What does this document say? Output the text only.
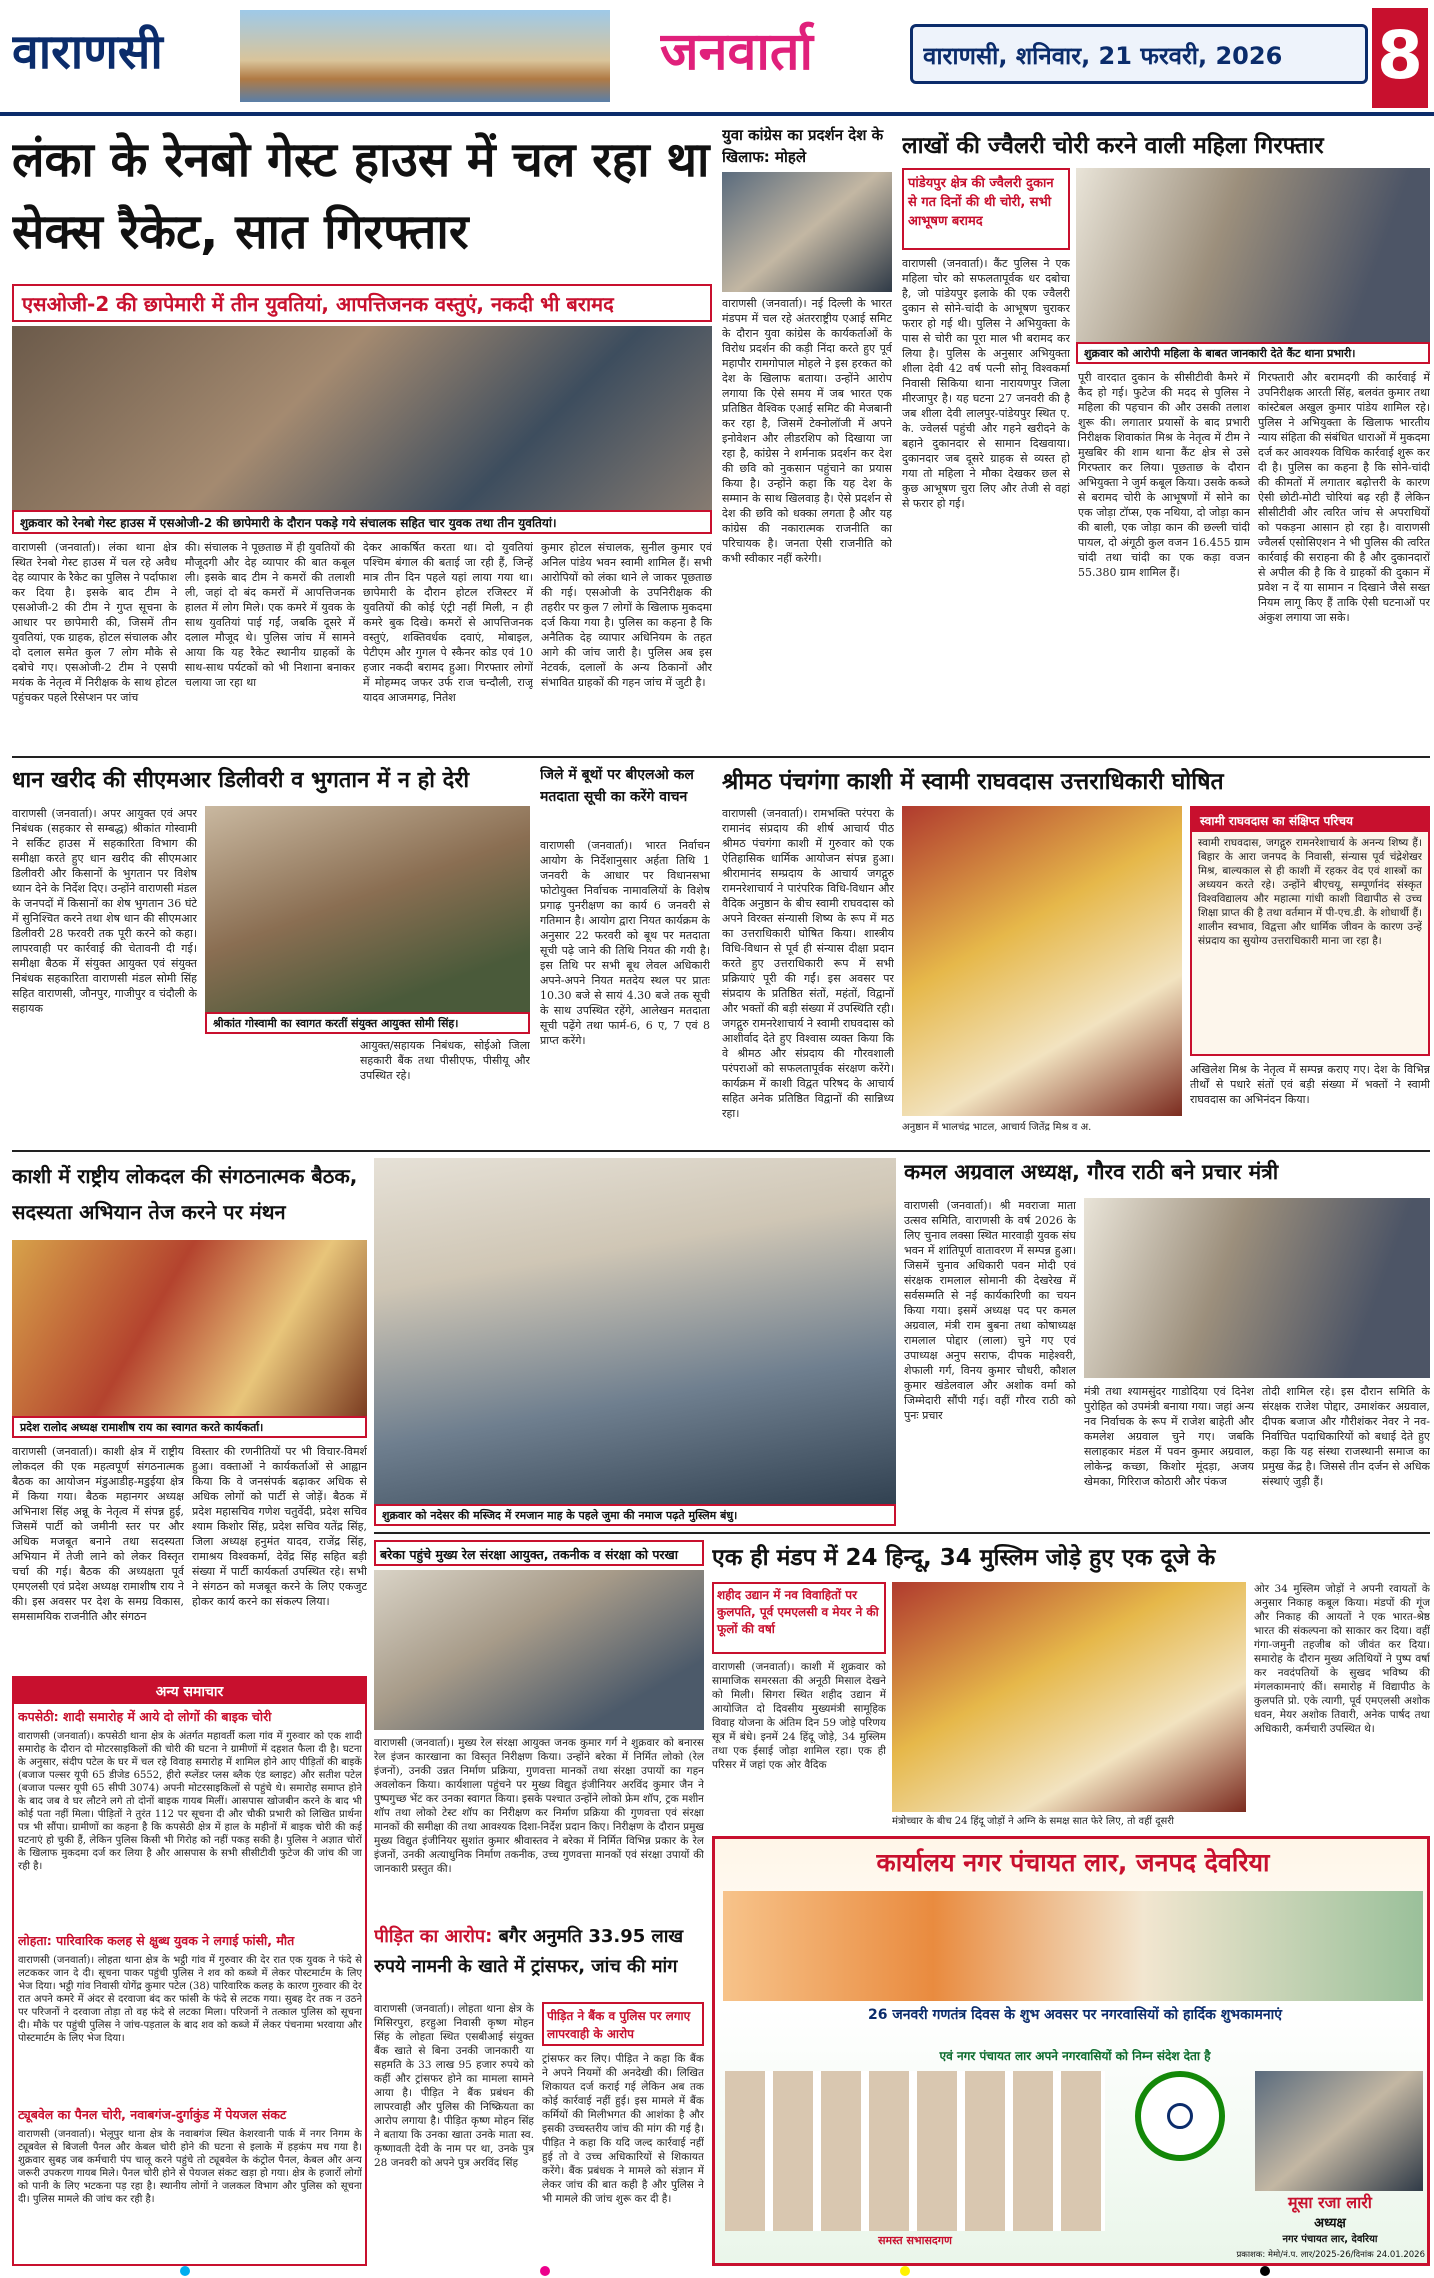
वाराणसी	जनवार्ता	वाराणसी, शनिवार, 21 फरवरी, 2026	8
लंका के रेनबो गेस्ट हाउस में चल रहा था सेक्स रैकेट, सात गिरफ्तार
एसओजी-2 की छापेमारी में तीन युवतियां, आपत्तिजनक वस्तुएं, नकदी भी बरामद
शुक्रवार को रेनबो गेस्ट हाउस में एसओजी-2 की छापेमारी के दौरान पकड़े गये संचालक सहित चार युवक तथा तीन युवतियां।
वाराणसी (जनवार्ता)। लंका थाना क्षेत्र स्थित रेनबो गेस्ट हाउस में चल रहे अवैध देह व्यापार के रैकेट का पुलिस ने पर्दाफाश कर दिया है। इसके बाद टीम ने एसओजी-2 की टीम ने गुप्त सूचना के आधार पर छापेमारी की, जिसमें तीन युवतियां, एक ग्राहक, होटल संचालक और दो दलाल समेत कुल 7 लोग मौके से दबोचे गए। एसओजी-2 टीम ने एसपी मयंक के नेतृत्व में निरीक्षक के साथ होटल पहुंचकर पहले रिसेप्शन पर जांच
की। संचालक ने पूछताछ में ही युवतियों की मौजूदगी और देह व्यापार की बात कबूल ली। इसके बाद टीम ने कमरों की तलाशी ली, जहां दो बंद कमरों में आपत्तिजनक हालत में लोग मिले। एक कमरे में युवक के साथ युवतियां पाई गईं, जबकि दूसरे में दलाल मौजूद थे। पुलिस जांच में सामने आया कि यह रैकेट स्थानीय ग्राहकों के साथ-साथ पर्यटकों को भी निशाना बनाकर चलाया जा रहा था
देकर आकर्षित करता था। दो युवतियां पश्चिम बंगाल की बताई जा रही हैं, जिन्हें मात्र तीन दिन पहले यहां लाया गया था। छापेमारी के दौरान होटल रजिस्टर में युवतियों की कोई एंट्री नहीं मिली, न ही कमरे बुक दिखे। कमरों से आपत्तिजनक वस्तुएं, शक्तिवर्धक दवाएं, मोबाइल, पेटीएम और गुगल पे स्कैनर कोड एवं 10 हजार नकदी बरामद हुआ। गिरफ्तार लोगों में मोहम्मद जफर उर्फ राज चन्दौली, राजू यादव आजमगढ़, नितेश
कुमार होटल संचालक, सुनील कुमार एवं अनिल पांडेय भवन स्वामी शामिल हैं। सभी आरोपियों को लंका थाने ले जाकर पूछताछ की गई। एसओजी के उपनिरीक्षक की तहरीर पर कुल 7 लोगों के खिलाफ मुकदमा दर्ज किया गया है। पुलिस का कहना है कि अनैतिक देह व्यापार अधिनियम के तहत आगे की जांच जारी है। पुलिस अब इस नेटवर्क, दलालों के अन्य ठिकानों और संभावित ग्राहकों की गहन जांच में जुटी है।
युवा कांग्रेस का प्रदर्शन देश के खिलाफ: मोहले
वाराणसी (जनवार्ता)। नई दिल्ली के भारत मंडपम में चल रहे अंतरराष्ट्रीय एआई समिट के दौरान युवा कांग्रेस के कार्यकर्ताओं के विरोध प्रदर्शन की कड़ी निंदा करते हुए पूर्व महापौर रामगोपाल मोहले ने इस हरकत को देश के खिलाफ बताया। उन्होंने आरोप लगाया कि ऐसे समय में जब भारत एक प्रतिष्ठित वैश्विक एआई समिट की मेजबानी कर रहा है, जिसमें टेक्नोलॉजी में अपने इनोवेशन और लीडरशिप को दिखाया जा रहा है, कांग्रेस ने शर्मनाक प्रदर्शन कर देश की छवि को नुकसान पहुंचाने का प्रयास किया है। उन्होंने कहा कि यह देश के सम्मान के साथ खिलवाड़ है। ऐसे प्रदर्शन से देश की छवि को धक्का लगता है और यह कांग्रेस की नकारात्मक राजनीति का परिचायक है। जनता ऐसी राजनीति को कभी स्वीकार नहीं करेगी।
लाखों की ज्वैलरी चोरी करने वाली महिला गिरफ्तार
पांडेयपुर क्षेत्र की ज्वैलरी दुकान से गत दिनों की थी चोरी, सभी आभूषण बरामद
शुक्रवार को आरोपी महिला के बाबत जानकारी देते कैंट थाना प्रभारी।
वाराणसी (जनवार्ता)। कैंट पुलिस ने एक महिला चोर को सफलतापूर्वक धर दबोचा है, जो पांडेयपुर इलाके की एक ज्वैलरी दुकान से सोने-चांदी के आभूषण चुराकर फरार हो गई थी। पुलिस ने अभियुक्ता के पास से चोरी का पूरा माल भी बरामद कर लिया है। पुलिस के अनुसार अभियुक्ता शीला देवी 42 वर्ष पत्नी सोनू विश्वकर्मा निवासी सिकिया थाना नारायणपुर जिला मीरजापुर है। यह घटना 27 जनवरी की है जब शीला देवी लालपुर-पांडेयपुर स्थित ए. के. ज्वेलर्स पहुंची और गहने खरीदने के बहाने दुकानदार से सामान दिखवाया। दुकानदार जब दूसरे ग्राहक से व्यस्त हो गया तो महिला ने मौका देखकर छल से कुछ आभूषण चुरा लिए और तेजी से वहां से फरार हो गई।
पूरी वारदात दुकान के सीसीटीवी कैमरे में कैद हो गई। फुटेज की मदद से पुलिस ने महिला की पहचान की और उसकी तलाश शुरू की। लगातार प्रयासों के बाद प्रभारी निरीक्षक शिवाकांत मिश्र के नेतृत्व में टीम ने मुखबिर की शाम थाना कैंट क्षेत्र से उसे गिरफ्तार कर लिया। पूछताछ के दौरान अभियुक्ता ने जुर्म कबूल किया। उसके कब्जे से बरामद चोरी के आभूषणों में सोने का एक जोड़ा टॉप्स, एक नथिया, दो जोड़ा कान की बाली, एक जोड़ा कान की छल्ली चांदी पायल, दो अंगूठी कुल वजन 16.455 ग्राम चांदी तथा चांदी का एक कड़ा वजन 55.380 ग्राम शामिल हैं।
गिरफ्तारी और बरामदगी की कार्रवाई में उपनिरीक्षक आरती सिंह, बलवंत कुमार तथा कांस्टेबल अखुल कुमार पांडेय शामिल रहे। पुलिस ने अभियुक्ता के खिलाफ भारतीय न्याय संहिता की संबंधित धाराओं में मुकदमा दर्ज कर आवश्यक विधिक कार्रवाई शुरू कर दी है। पुलिस का कहना है कि सोने-चांदी की कीमतों में लगातार बढ़ोत्तरी के कारण ऐसी छोटी-मोटी चोरियां बढ़ रही हैं लेकिन सीसीटीवी और त्वरित जांच से अपराधियों को पकड़ना आसान हो रहा है। वाराणसी ज्वैलर्स एसोसिएशन ने भी पुलिस की त्वरित कार्रवाई की सराहना की है और दुकानदारों से अपील की है कि वे ग्राहकों की दुकान में प्रवेश न दें या सामान न दिखाने जैसे सख्त नियम लागू किए हैं ताकि ऐसी घटनाओं पर अंकुश लगाया जा सके।
धान खरीद की सीएमआर डिलीवरी व भुगतान में न हो देरी
वाराणसी (जनवार्ता)। अपर आयुक्त एवं अपर निबंधक (सहकार से सम्बद्ध) श्रीकांत गोस्वामी ने सर्किट हाउस में सहकारिता विभाग की समीक्षा करते हुए धान खरीद की सीएमआर डिलीवरी और किसानों के भुगतान पर विशेष ध्यान देने के निर्देश दिए। उन्होंने वाराणसी मंडल के जनपदों में किसानों का शेष भुगतान 36 घंटे में सुनिश्चित करने तथा शेष धान की सीएमआर डिलीवरी 28 फरवरी तक पूरी करने को कहा। लापरवाही पर कार्रवाई की चेतावनी दी गई। समीक्षा बैठक में संयुक्त आयुक्त एवं संयुक्त निबंधक सहकारिता वाराणसी मंडल सोमी सिंह सहित वाराणसी, जौनपुर, गाजीपुर व चंदौली के सहायक
श्रीकांत गोस्वामी का स्वागत करतीं संयुक्त आयुक्त सोमी सिंह।
आयुक्त/सहायक निबंधक, सोईओ जिला सहकारी बैंक तथा पीसीएफ, पीसीयू और उपस्थित रहे।
जिले में बूथों पर बीएलओ कल मतदाता सूची का करेंगे वाचन
वाराणसी (जनवार्ता)। भारत निर्वाचन आयोग के निर्देशानुसार अर्हता तिथि 1 जनवरी के आधार पर विधानसभा फोटोयुक्त निर्वाचक नामावलियों के विशेष प्रगाढ़ पुनरीक्षण का कार्य 6 जनवरी से गतिमान है। आयोग द्वारा नियत कार्यक्रम के अनुसार 22 फरवरी को बूथ पर मतदाता सूची पढ़े जाने की तिथि नियत की गयी है। इस तिथि पर सभी बूथ लेवल अधिकारी अपने-अपने नियत मतदेय स्थल पर प्रातः 10.30 बजे से सायं 4.30 बजे तक सूची के साथ उपस्थित रहेंगे, आलेखन मतदाता सूची पढ़ेंगे तथा फार्म-6, 6 ए, 7 एवं 8 प्राप्त करेंगे।
श्रीमठ पंचगंगा काशी में स्वामी राघवदास उत्तराधिकारी घोषित
वाराणसी (जनवार्ता)। रामभक्ति परंपरा के रामानंद संप्रदाय की शीर्ष आचार्य पीठ श्रीमठ पंचगंगा काशी में गुरुवार को एक ऐतिहासिक धार्मिक आयोजन संपन्न हुआ। श्रीरामानंद सम्प्रदाय के आचार्य जगद्गुरु रामनरेशाचार्य ने पारंपरिक विधि-विधान और वैदिक अनुष्ठान के बीच स्वामी राघवदास को अपने विरक्त संन्यासी शिष्य के रूप में मठ का उत्तराधिकारी घोषित किया। शास्त्रीय विधि-विधान से पूर्व ही संन्यास दीक्षा प्रदान करते हुए उत्तराधिकारी रूप में सभी प्रक्रियाएं पूरी की गईं। इस अवसर पर संप्रदाय के प्रतिष्ठित संतों, महंतों, विद्वानों और भक्तों की बड़ी संख्या में उपस्थिति रही। जगद्गुरु रामनरेशाचार्य ने स्वामी राघवदास को आशीर्वाद देते हुए विश्वास व्यक्त किया कि वे श्रीमठ और संप्रदाय की गौरवशाली परंपराओं को सफलतापूर्वक संरक्षण करेंगे। कार्यक्रम में काशी विद्वत परिषद के आचार्य सहित अनेक प्रतिष्ठित विद्वानों की सान्निध्य रहा।
अनुष्ठान में भालचंद्र भाटल, आचार्य जितेंद्र मिश्र व अ.
स्वामी राघवदास का संक्षिप्त परिचय
स्वामी राघवदास, जगद्गुरु रामनरेशाचार्य के अनन्य शिष्य हैं। बिहार के आरा जनपद के निवासी, संन्यास पूर्व चंद्रेशेखर मिश्र, बाल्यकाल से ही काशी में रहकर वेद एवं शास्त्रों का अध्ययन करते रहे। उन्होंने बीएचयू, सम्पूर्णानंद संस्कृत विश्वविद्यालय और महात्मा गांधी काशी विद्यापीठ से उच्च शिक्षा प्राप्त की है तथा वर्तमान में पी-एच.डी. के शोधार्थी हैं। शालीन स्वभाव, विद्वत्ता और धार्मिक जीवन के कारण उन्हें संप्रदाय का सुयोग्य उत्तराधिकारी माना जा रहा है।
अखिलेश मिश्र के नेतृत्व में सम्पन्न कराए गए। देश के विभिन्न तीर्थों से पधारे संतों एवं बड़ी संख्या में भक्तों ने स्वामी राघवदास का अभिनंदन किया।
काशी में राष्ट्रीय लोकदल की संगठनात्मक बैठक, सदस्यता अभियान तेज करने पर मंथन
प्रदेश रालोद अध्यक्ष रामाशीष राय का स्वागत करते कार्यकर्ता।
वाराणसी (जनवार्ता)। काशी क्षेत्र में राष्ट्रीय लोकदल की एक महत्वपूर्ण संगठनात्मक बैठक का आयोजन मंडुआडीह-मडुईया क्षेत्र में किया गया। बैठक महानगर अध्यक्ष अभिनाश सिंह अन्नू के नेतृत्व में संपन्न हुई, जिसमें पार्टी को जमीनी स्तर पर और अधिक मजबूत बनाने तथा सदस्यता अभियान में तेजी लाने को लेकर विस्तृत चर्चा की गई। बैठक की अध्यक्षता पूर्व एमएलसी एवं प्रदेश अध्यक्ष रामाशीष राय ने की। इस अवसर पर देश के समग्र विकास, समसामयिक राजनीति और संगठन
विस्तार की रणनीतियों पर भी विचार-विमर्श हुआ। वक्ताओं ने कार्यकर्ताओं से आह्वान किया कि वे जनसंपर्क बढ़ाकर अधिक से अधिक लोगों को पार्टी से जोड़ें। बैठक में प्रदेश महासचिव गणेश चतुर्वेदी, प्रदेश सचिव श्याम किशोर सिंह, प्रदेश सचिव यतेंद्र सिंह, जिला अध्यक्ष हनुमंत यादव, राजेंद्र सिंह, रामाश्रय विश्वकर्मा, देवेंद्र सिंह सहित बड़ी संख्या में पार्टी कार्यकर्ता उपस्थित रहे। सभी ने संगठन को मजबूत करने के लिए एकजुट होकर कार्य करने का संकल्प लिया।
शुक्रवार को नदेसर की मस्जिद में रमजान माह के पहले जुमा की नमाज पढ़ते मुस्लिम बंधु।
कमल अग्रवाल अध्यक्ष, गौरव राठी बने प्रचार मंत्री
वाराणसी (जनवार्ता)। श्री मवराजा माता उत्सव समिति, वाराणसी के वर्ष 2026 के लिए चुनाव लक्सा स्थित मारवाड़ी युवक संघ भवन में शांतिपूर्ण वातावरण में सम्पन्न हुआ। जिसमें चुनाव अधिकारी पवन मोदी एवं संरक्षक रामलाल सोमानी की देखरेख में सर्वसम्मति से नई कार्यकारिणी का चयन किया गया। इसमें अध्यक्ष पद पर कमल अग्रवाल, मंत्री राम बुबना तथा कोषाध्यक्ष रामलाल पोद्दार (लाला) चुने गए एवं उपाध्यक्ष अनुप सराफ, दीपक माहेश्वरी, शेफाली गर्ग, विनय कुमार चौधरी, कौशल कुमार खंडेलवाल और अशोक वर्मा को जिम्मेदारी सौंपी गई। वहीं गौरव राठी को पुनः प्रचार
मंत्री तथा श्यामसुंदर गाडोदिया एवं दिनेश पुरोहित को उपमंत्री बनाया गया। जहां अन्य नव निर्वाचक के रूप में राजेश बाहेती और कमलेश अग्रवाल चुने गए। जबकि सलाहकार मंडल में पवन कुमार अग्रवाल, लोकेन्द्र कच्छा, किशोर मूंदड़ा, अजय खेमका, गिरिराज कोठारी और पंकज
तोदी शामिल रहे। इस दौरान समिति के संरक्षक राजेश पोद्दार, उमाशंकर अग्रवाल, दीपक बजाज और गौरीशंकर नेवर ने नव-निर्वाचित पदाधिकारियों को बधाई देते हुए कहा कि यह संस्था राजस्थानी समाज का प्रमुख केंद्र है। जिससे तीन दर्जन से अधिक संस्थाएं जुड़ी हैं।
अन्य समाचार
कपसेठी: शादी समारोह में आये दो लोगों की बाइक चोरी
वाराणसी (जनवार्ता)। कपसेठी थाना क्षेत्र के अंतर्गत महावर्ती कला गांव में गुरुवार को एक शादी समारोह के दौरान दो मोटरसाइकिलों की चोरी की घटना ने ग्रामीणों में दहशत फैला दी है। घटना के अनुसार, संदीप पटेल के घर में चल रहे विवाह समारोह में शामिल होने आए पीड़ितों की बाइकें (बजाज पल्सर यूपी 65 डीजेड 6552, हीरो स्प्लेंडर प्लस ब्लैक एंड ब्लाइट) और सतीश पटेल (बजाज पल्सर यूपी 65 सीपी 3074) अपनी मोटरसाइकिलों से पहुंचे थे। समारोह समाप्त होने के बाद जब वे घर लौटने लगे तो दोनों बाइक गायब मिलीं। आसपास खोजबीन करने के बाद भी कोई पता नहीं मिला। पीड़ितों ने तुरंत 112 पर सूचना दी और चौकी प्रभारी को लिखित प्रार्थना पत्र भी सौंपा। ग्रामीणों का कहना है कि कपसेठी क्षेत्र में हाल के महीनों में बाइक चोरी की कई घटनाएं हो चुकी हैं, लेकिन पुलिस किसी भी गिरोह को नहीं पकड़ सकी है। पुलिस ने अज्ञात चोरों के खिलाफ मुकदमा दर्ज कर लिया है और आसपास के सभी सीसीटीवी फुटेज की जांच की जा रही है।
लोहता: पारिवारिक कलह से क्षुब्ध युवक ने लगाई फांसी, मौत
वाराणसी (जनवार्ता)। लोहता थाना क्षेत्र के भट्ठी गांव में गुरुवार की देर रात एक युवक ने फंदे से लटककर जान दे दी। सूचना पाकर पहुंची पुलिस ने शव को कब्जे में लेकर पोस्टमार्टम के लिए भेज दिया। भट्ठी गांव निवासी योगेंद्र कुमार पटेल (38) पारिवारिक कलह के कारण गुरुवार की देर रात अपने कमरे में अंदर से दरवाजा बंद कर फांसी के फंदे से लटक गया। सुबह देर तक न उठने पर परिजनों ने दरवाजा तोड़ा तो वह फंदे से लटका मिला। परिजनों ने तत्काल पुलिस को सूचना दी। मौके पर पहुंची पुलिस ने जांच-पड़ताल के बाद शव को कब्जे में लेकर पंचनामा भरवाया और पोस्टमार्टम के लिए भेज दिया।
ट्यूबवेल का पैनल चोरी, नवाबगंज-दुर्गाकुंड में पेयजल संकट
वाराणसी (जनवार्ता)। भेलूपुर थाना क्षेत्र के नवाबगंज स्थित केशरवानी पार्क में नगर निगम के ट्यूबवेल से बिजली पैनल और केबल चोरी होने की घटना से इलाके में हड़कंप मच गया है। शुक्रवार सुबह जब कर्मचारी पंप चालू करने पहुंचे तो ट्यूबवेल के कंट्रोल पैनल, केबल और अन्य जरूरी उपकरण गायब मिले। पैनल चोरी होने से पेयजल संकट खड़ा हो गया। क्षेत्र के हजारों लोगों को पानी के लिए भटकना पड़ रहा है। स्थानीय लोगों ने जलकल विभाग और पुलिस को सूचना दी। पुलिस मामले की जांच कर रही है।
बरेका पहुंचे मुख्य रेल संरक्षा आयुक्त, तकनीक व संरक्षा को परखा
वाराणसी (जनवार्ता)। मुख्य रेल संरक्षा आयुक्त जनक कुमार गर्ग ने शुक्रवार को बनारस रेल इंजन कारखाना का विस्तृत निरीक्षण किया। उन्होंने बरेका में निर्मित लोको (रेल इंजनों), उनकी उन्नत निर्माण प्रक्रिया, गुणवत्ता मानकों तथा संरक्षा उपायों का गहन अवलोकन किया। कार्यशाला पहुंचने पर मुख्य विद्युत इंजीनियर अरविंद कुमार जैन ने पुष्पगुच्छ भेंट कर उनका स्वागत किया। इसके पश्चात उन्होंने लोको फ्रेम शॉप, ट्रक मशीन शॉप तथा लोको टेस्ट शॉप का निरीक्षण कर निर्माण प्रक्रिया की गुणवत्ता एवं संरक्षा मानकों की समीक्षा की तथा आवश्यक दिशा-निर्देश प्रदान किए। निरीक्षण के दौरान प्रमुख मुख्य विद्युत इंजीनियर सुशांत कुमार श्रीवास्तव ने बरेका में निर्मित विभिन्न प्रकार के रेल इंजनों, उनकी अत्याधुनिक निर्माण तकनीक, उच्च गुणवत्ता मानकों एवं संरक्षा उपायों की जानकारी प्रस्तुत की।
एक ही मंडप में 24 हिन्दू, 34 मुस्लिम जोड़े हुए एक दूजे के
शहीद उद्यान में नव विवाहितों पर कुलपति, पूर्व एमएलसी व मेयर ने की फूलों की वर्षा
वाराणसी (जनवार्ता)। काशी में शुक्रवार को सामाजिक समरसता की अनूठी मिसाल देखने को मिली। सिगरा स्थित शहीद उद्यान में आयोजित दो दिवसीय मुख्यमंत्री सामूहिक विवाह योजना के अंतिम दिन 59 जोड़े परिणय सूत्र में बंधे। इनमें 24 हिंदू जोड़े, 34 मुस्लिम तथा एक ईसाई जोड़ा शामिल रहा। एक ही परिसर में जहां एक ओर वैदिक
मंत्रोच्चार के बीच 24 हिंदू जोड़ों ने अग्नि के समक्ष सात फेरे लिए, तो वहीं दूसरी
ओर 34 मुस्लिम जोड़ों ने अपनी रवायतों के अनुसार निकाह कबूल किया। मंडपों की गूंज और निकाह की आयतों ने एक भारत-श्रेष्ठ भारत की संकल्पना को साकार कर दिया। वहीं गंगा-जमुनी तहजीब को जीवंत कर दिया। समारोह के दौरान मुख्य अतिथियों ने पुष्प वर्षा कर नवदंपतियों के सुखद भविष्य की मंगलकामनाएं कीं। समारोह में विद्यापीठ के कुलपति प्रो. एके त्यागी, पूर्व एमएलसी अशोक धवन, मेयर अशोक तिवारी, अनेक पार्षद तथा अधिकारी, कर्मचारी उपस्थित थे।
पीड़ित का आरोप: बगैर अनुमति 33.95 लाख रुपये नामनी के खाते में ट्रांसफर, जांच की मांग
वाराणसी (जनवार्ता)। लोहता थाना क्षेत्र के मिसिरपुरा, हरहुआ निवासी कृष्ण मोहन सिंह के लोहता स्थित एसबीआई संयुक्त बैंक खाते से बिना उनकी जानकारी या सहमति के 33 लाख 95 हजार रुपये को कहीं और ट्रांसफर होने का मामला सामने आया है। पीड़ित ने बैंक प्रबंधन की लापरवाही और पुलिस की निष्क्रियता का आरोप लगाया है। पीड़ित कृष्ण मोहन सिंह ने बताया कि उनका खाता उनके माता स्व. कृष्णावती देवी के नाम पर था, उनके पुत्र 28 जनवरी को अपने पुत्र अरविंद सिंह
पीड़ित ने बैंक व पुलिस पर लगाए लापरवाही के आरोप
ट्रांसफर कर लिए। पीड़ित ने कहा कि बैंक ने अपने नियमों की अनदेखी की। लिखित शिकायत दर्ज कराई गई लेकिन अब तक कोई कार्रवाई नहीं हुई। इस मामले में बैंक कर्मियों की मिलीभगत की आशंका है और इसकी उच्चस्तरीय जांच की मांग की गई है। पीड़ित ने कहा कि यदि जल्द कार्रवाई नहीं हुई तो वे उच्च अधिकारियों से शिकायत करेंगे। बैंक प्रबंधक ने मामले को संज्ञान में लेकर जांच की बात कही है और पुलिस ने भी मामले की जांच शुरू कर दी है।
कार्यालय नगर पंचायत लार, जनपद देवरिया
26 जनवरी गणतंत्र दिवस के शुभ अवसर पर नगरवासियों को हार्दिक शुभकामनाएं
एवं नगर पंचायत लार अपने नगरवासियों को निम्न संदेश देता है
समस्त सभासदगण
मूसा रजा लारी
अध्यक्ष
नगर पंचायत लार, देवरिया
प्रकाशक: मेमो/नं.प. लार/2025-26/दिनांक 24.01.2026
